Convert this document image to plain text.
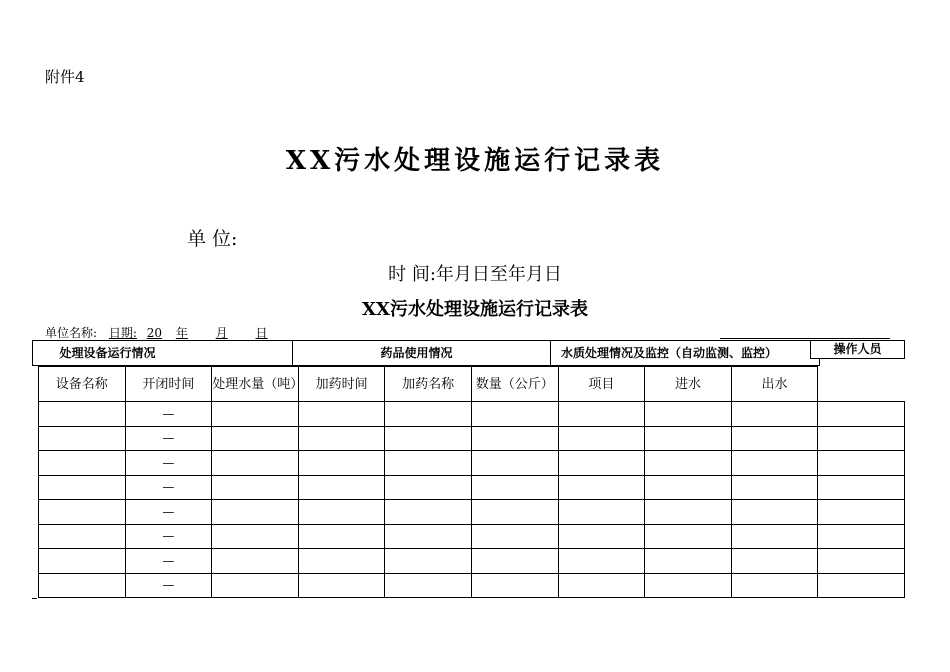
附件4
XX污水处理设施运行记录表
单 位:
时 间:年月日至年月日
XX污水处理设施运行记录表
单位名称: 日期: 20 年 月 日
处理设备运行情况	药品使用情况	水质处理情况及监控（自动监测、监控）	操作人员
设备名称	开闭时间	处理水量（吨）	加药时间	加药名称	数量（公斤）	项目	进水	出水	
	—								
	—								
	—								
	—								
	—								
	—								
	—								
	—								
